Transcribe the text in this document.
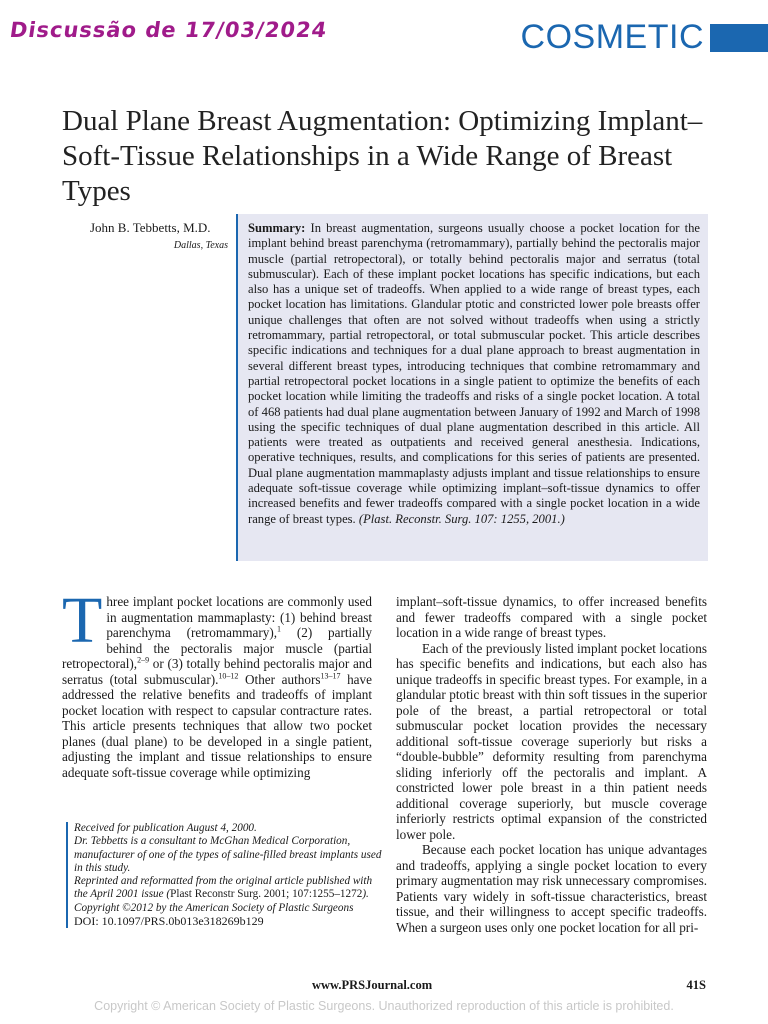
Discussão de 17/03/2024	COSMETIC
Dual Plane Breast Augmentation: Optimizing Implant–Soft-Tissue Relationships in a Wide Range of Breast Types
John B. Tebbetts, M.D.
Dallas, Texas
Summary: In breast augmentation, surgeons usually choose a pocket location for the implant behind breast parenchyma (retromammary), partially behind the pectoralis major muscle (partial retropectoral), or totally behind pectoralis major and serratus (total submuscular). Each of these implant pocket locations has specific indications, but each also has a unique set of tradeoffs. When applied to a wide range of breast types, each pocket location has limitations. Glandular ptotic and constricted lower pole breasts offer unique challenges that often are not solved without tradeoffs when using a strictly retromammary, partial retropectoral, or total submuscular pocket. This article describes specific indications and techniques for a dual plane approach to breast augmentation in several different breast types, introducing techniques that combine retromammary and partial retropectoral pocket locations in a single patient to optimize the benefits of each pocket location while limiting the tradeoffs and risks of a single pocket location. A total of 468 patients had dual plane augmentation between January of 1992 and March of 1998 using the specific techniques of dual plane augmentation described in this article. All patients were treated as outpatients and received general anesthesia. Indications, operative techniques, results, and complications for this series of patients are presented. Dual plane augmentation mammaplasty adjusts implant and tissue relationships to ensure adequate soft-tissue coverage while optimizing implant–soft-tissue dynamics to offer increased benefits and fewer tradeoffs compared with a single pocket location in a wide range of breast types. (Plast. Reconstr. Surg. 107: 1255, 2001.)
Three implant pocket locations are commonly used in augmentation mammaplasty: (1) behind breast parenchyma (retromammary),$^1$ (2) partially behind the pectoralis major muscle (partial retropectoral),$^{2-9}$ or (3) totally behind pectoralis major and serratus (total submuscular).$^{10-12}$ Other authors$^{13-17}$ have addressed the relative benefits and tradeoffs of implant pocket location with respect to capsular contracture rates. This article presents techniques that allow two pocket planes (dual plane) to be developed in a single patient, adjusting the implant and tissue relationships to ensure adequate soft-tissue coverage while optimizing

implant–soft-tissue dynamics, to offer increased benefits and fewer tradeoffs compared with a single pocket location in a wide range of breast types.

Each of the previously listed implant pocket locations has specific benefits and indications, but each also has unique tradeoffs in specific breast types. For example, in a glandular ptotic breast with thin soft tissues in the superior pole of the breast, a partial retropectoral or total submuscular pocket location provides the necessary additional soft-tissue coverage superiorly but risks a “double-bubble” deformity resulting from parenchyma sliding inferiorly off the pectoralis and implant. A constricted lower pole breast in a thin patient needs additional coverage superiorly, but muscle coverage inferiorly restricts optimal expansion of the constricted lower pole.

Because each pocket location has unique advantages and tradeoffs, applying a single pocket location to every primary augmentation may risk unnecessary compromises. Patients vary widely in soft-tissue characteristics, breast tissue, and their willingness to accept specific tradeoffs. When a surgeon uses only one pocket location for all pri-

Received for publication August 4, 2000.
Dr. Tebbetts is a consultant to McGhan Medical Corporation, manufacturer of one of the types of saline-filled breast implants used in this study.
Reprinted and reformatted from the original article published with the April 2001 issue (Plast Reconstr Surg. 2001; 107:1255–1272).
Copyright ©2012 by the American Society of Plastic Surgeons
DOI: 10.1097/PRS.0b013e318269b129
www.PRSJournal.com	41S
Copyright © American Society of Plastic Surgeons. Unauthorized reproduction of this article is prohibited.
